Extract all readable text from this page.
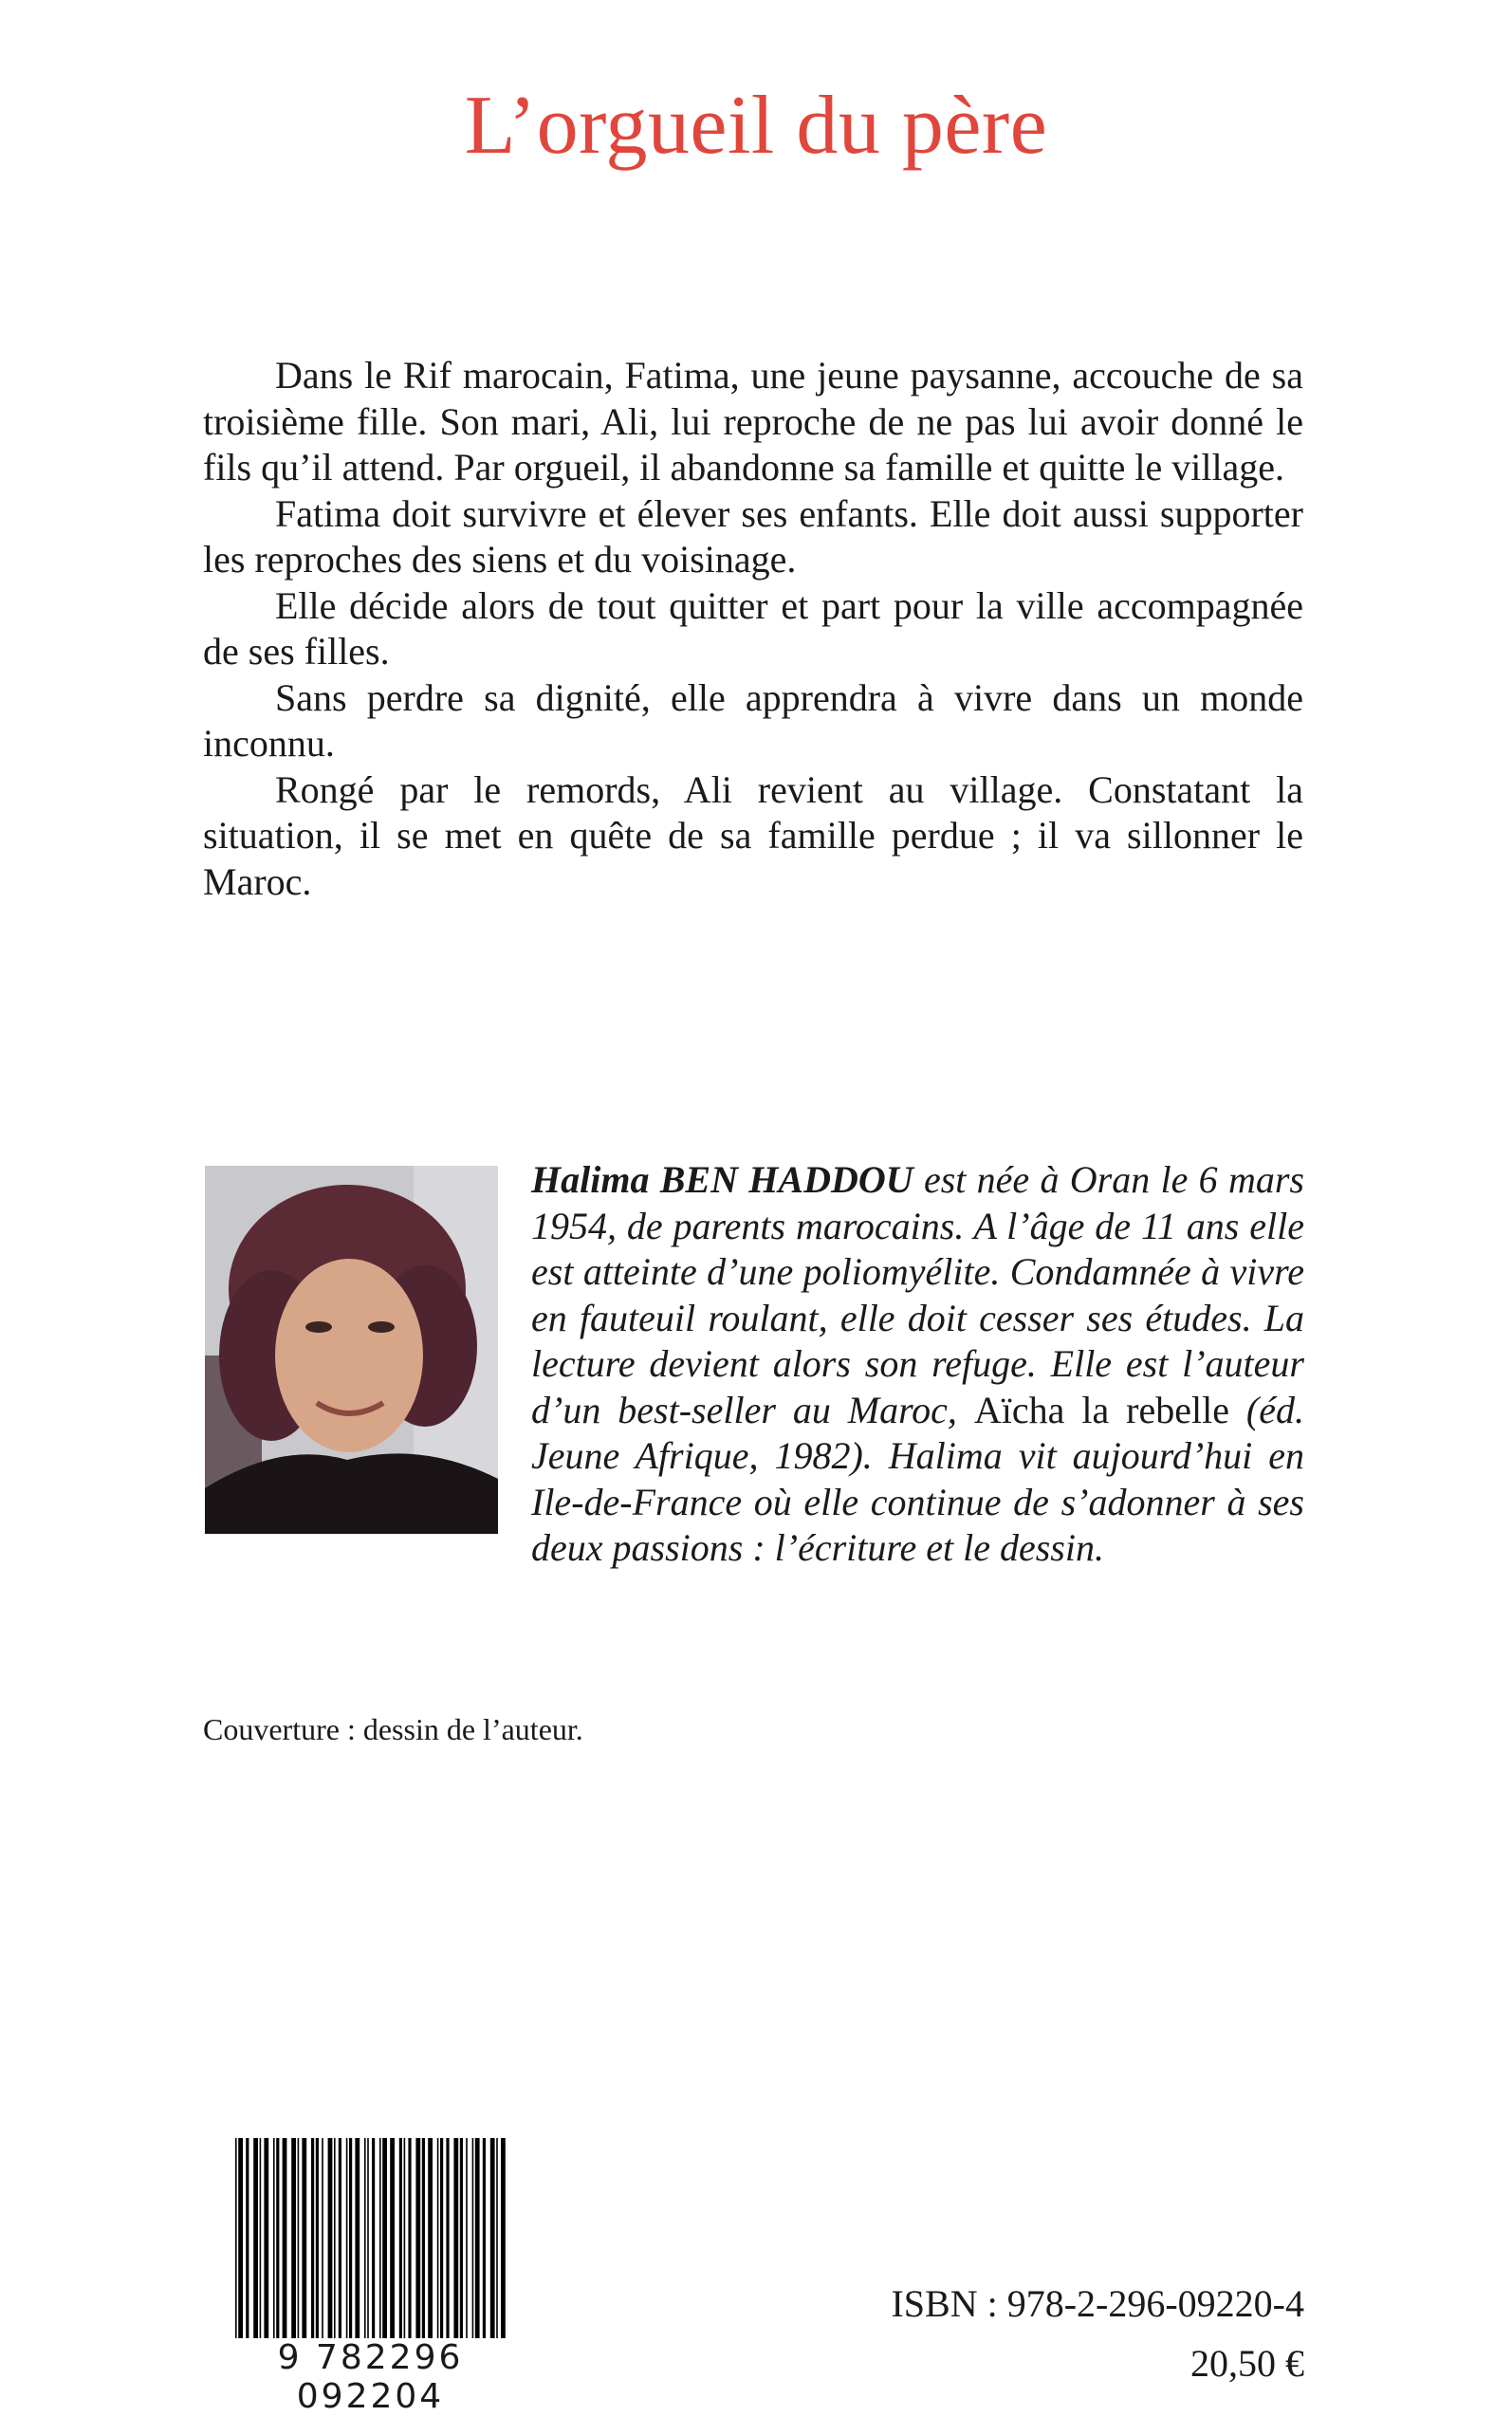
L’orgueil du père

Dans le Rif marocain, Fatima, une jeune paysanne, accouche de sa troisième fille. Son mari, Ali, lui reproche de ne pas lui avoir donné le fils qu’il attend. Par orgueil, il abandonne sa famille et quitte le village.

Fatima doit survivre et élever ses enfants. Elle doit aussi supporter les reproches des siens et du voisinage.

Elle décide alors de tout quitter et part pour la ville accompagnée de ses filles.

Sans perdre sa dignité, elle apprendra à vivre dans un monde inconnu.

Rongé par le remords, Ali revient au village. Constatant la situation, il se met en quête de sa famille perdue ; il va sillonner le Maroc.

Halima BEN HADDOU est née à Oran le 6 mars 1954, de parents marocains. A l’âge de 11 ans elle est atteinte d’une poliomyélite. Condamnée à vivre en fauteuil roulant, elle doit cesser ses études. La lecture devient alors son refuge. Elle est l’auteur d’un best-seller au Maroc, Aïcha la rebelle (éd. Jeune Afrique, 1982). Halima vit aujourd’hui en Ile-de-France où elle continue de s’adonner à ses deux passions : l’écriture et le dessin.

Couverture : dessin de l’auteur.
9 782296 092204
ISBN : 978-2-296-09220-4
20,50 €
